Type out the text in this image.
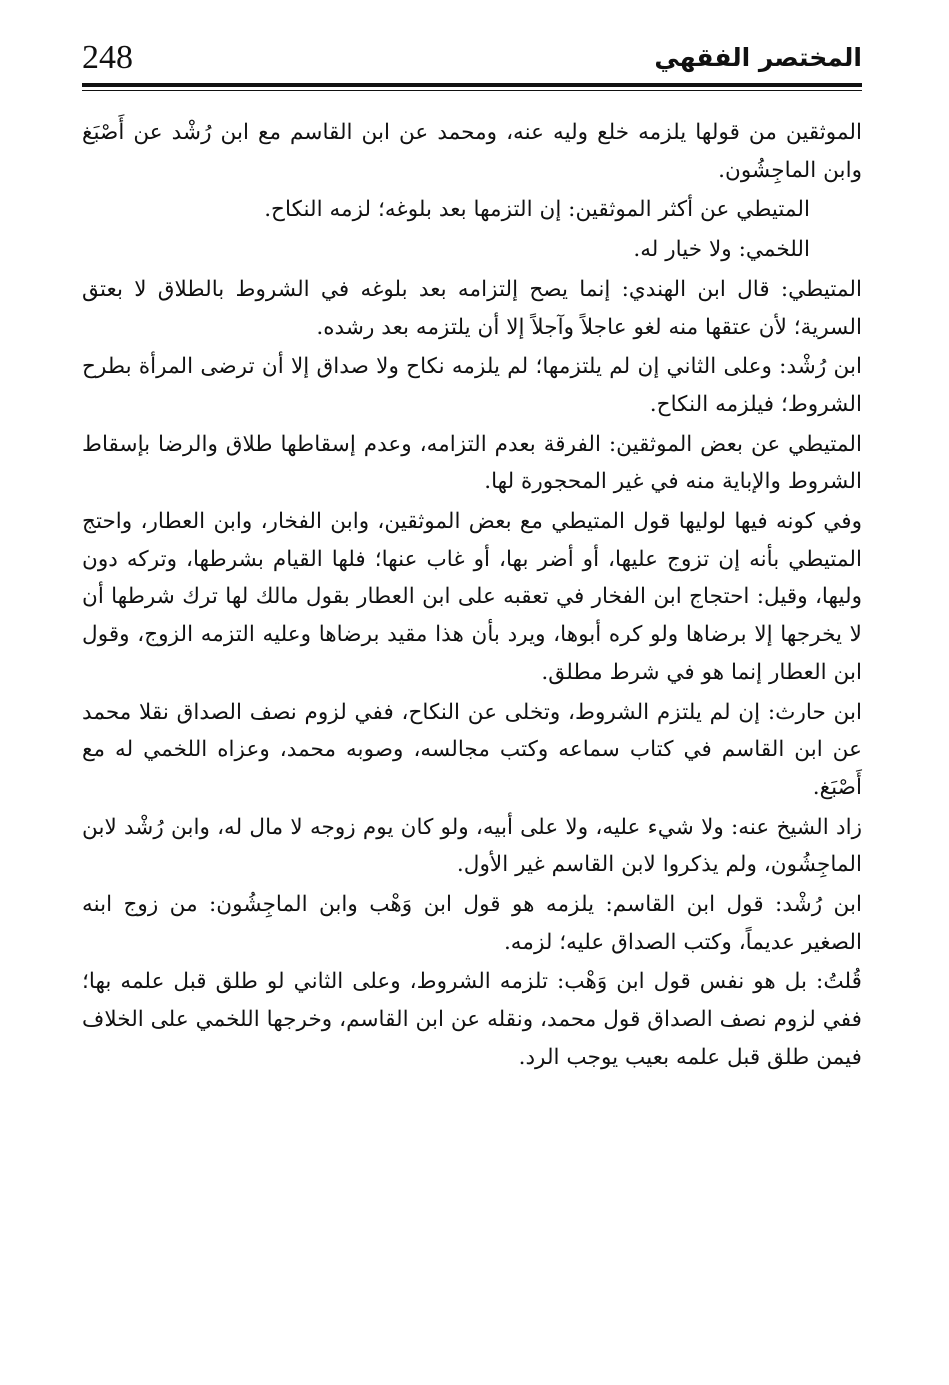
248	المختصر الفقهي

الموثقين من قولها يلزمه خلع وليه عنه، ومحمد عن ابن القاسم مع ابن رُشْد عن أَصْبَغ وابن الماجِشُون.

المتيطي عن أكثر الموثقين: إن التزمها بعد بلوغه؛ لزمه النكاح.

اللخمي: ولا خيار له.

المتيطي: قال ابن الهندي: إنما يصح إلتزامه بعد بلوغه في الشروط بالطلاق لا بعتق السرية؛ لأن عتقها منه لغو عاجلاً وآجلاً إلا أن يلتزمه بعد رشده.

ابن رُشْد: وعلى الثاني إن لم يلتزمها؛ لم يلزمه نكاح ولا صداق إلا أن ترضى المرأة بطرح الشروط؛ فيلزمه النكاح.

المتيطي عن بعض الموثقين: الفرقة بعدم التزامه، وعدم إسقاطها طلاق والرضا بإسقاط الشروط والإباية منه في غير المحجورة لها.

وفي كونه فيها لوليها قول المتيطي مع بعض الموثقين، وابن الفخار، وابن العطار، واحتج المتيطي بأنه إن تزوج عليها، أو أضر بها، أو غاب عنها؛ فلها القيام بشرطها، وتركه دون وليها، وقيل: احتجاج ابن الفخار في تعقبه على ابن العطار بقول مالك لها ترك شرطها أن لا يخرجها إلا برضاها ولو كره أبوها، ويرد بأن هذا مقيد برضاها وعليه التزمه الزوج، وقول ابن العطار إنما هو في شرط مطلق.

ابن حارث: إن لم يلتزم الشروط، وتخلى عن النكاح، ففي لزوم نصف الصداق نقلا محمد عن ابن القاسم في كتاب سماعه وكتب مجالسه، وصوبه محمد، وعزاه اللخمي له مع أَصْبَغ.

زاد الشيخ عنه: ولا شيء عليه، ولا على أبيه، ولو كان يوم زوجه لا مال له، وابن رُشْد لابن الماجِشُون، ولم يذكروا لابن القاسم غير الأول.

ابن رُشْد: قول ابن القاسم: يلزمه هو قول ابن وَهْب وابن الماجِشُون: من زوج ابنه الصغير عديماً، وكتب الصداق عليه؛ لزمه.

قُلتُ: بل هو نفس قول ابن وَهْب: تلزمه الشروط، وعلى الثاني لو طلق قبل علمه بها؛ ففي لزوم نصف الصداق قول محمد، ونقله عن ابن القاسم، وخرجها اللخمي على الخلاف فيمن طلق قبل علمه بعيب يوجب الرد.
